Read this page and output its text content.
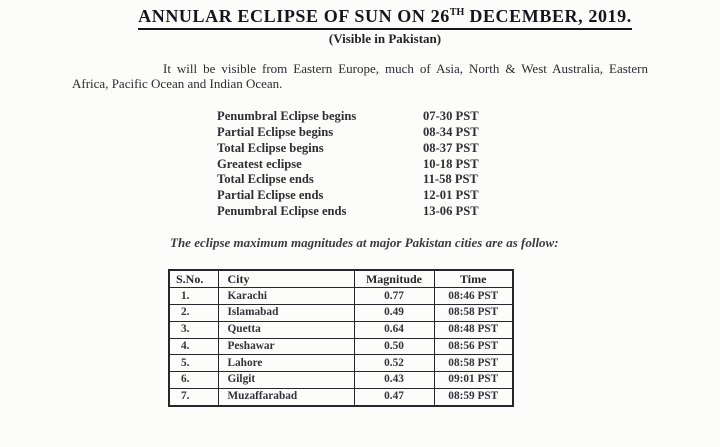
ANNULAR ECLIPSE OF SUN ON 26TH DECEMBER, 2019.
(Visible in Pakistan)

It will be visible from Eastern Europe, much of Asia, North & West Australia, Eastern Africa, Pacific Ocean and Indian Ocean.

Penumbral Eclipse begins	07-30 PST
Partial Eclipse begins	08-34 PST
Total Eclipse begins	08-37 PST
Greatest eclipse	10-18 PST
Total Eclipse ends	11-58 PST
Partial Eclipse ends	12-01 PST
Penumbral Eclipse ends	13-06 PST
The eclipse maximum magnitudes at major Pakistan cities are as follow:
S.No.	City	Magnitude	Time
1.	Karachi	0.77	08:46 PST
2.	Islamabad	0.49	08:58 PST
3.	Quetta	0.64	08:48 PST
4.	Peshawar	0.50	08:56 PST
5.	Lahore	0.52	08:58 PST
6.	Gilgit	0.43	09:01 PST
7.	Muzaffarabad	0.47	08:59 PST
